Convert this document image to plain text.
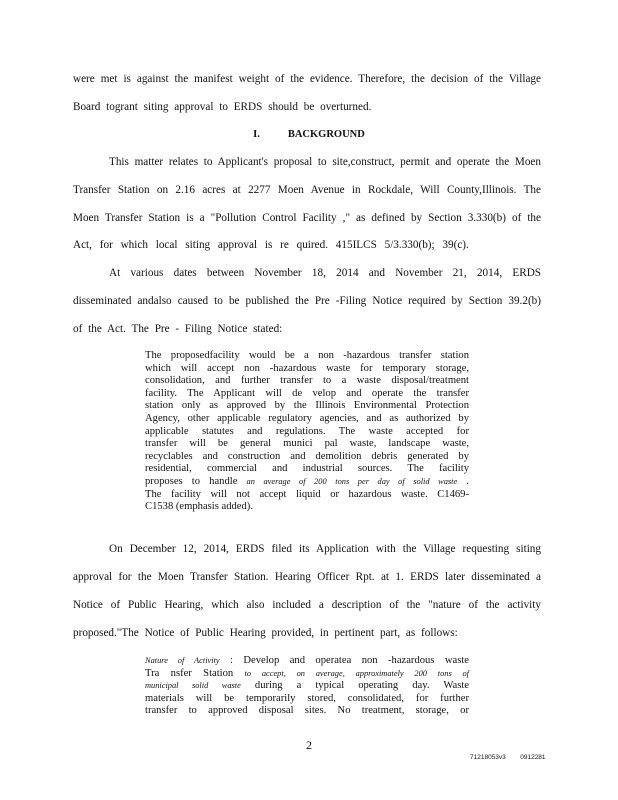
were met is against the manifest weight of the evidence. Therefore, the decision of the Village
Board togrant siting approval to ERDS should be overturned.
I.	BACKGROUND
This matter relates to Applicant's proposal to site,construct, permit and operate the Moen
Transfer Station on 2.16 acres at 2277 Moen Avenue in Rockdale, Will County,Illinois. The
Moen Transfer Station is a "Pollution Control Facility ," as defined by Section 3.330(b) of the
Act, for which local siting approval is re quired. 415ILCS 5/3.330(b); 39(c).
At various dates between November 18, 2014 and November 21, 2014, ERDS
disseminated andalso caused to be published the Pre -Filing Notice required by Section 39.2(b)
of the Act. The Pre - Filing Notice stated:
The proposedfacility would be a non -hazardous transfer station
which will accept non -hazardous waste for temporary storage,
consolidation, and further transfer to a waste disposal/treatment
facility. The Applicant will de velop and operate the transfer
station only as approved by the Illinois Environmental Protection
Agency, other applicable regulatory agencies, and as authorized by
applicable statutes and regulations. The waste accepted for
transfer will be general munici pal waste, landscape waste,
recyclables and construction and demolition debris generated by
residential, commercial and industrial sources. The facility
proposes to handle an average of 200 tons per day of solid waste .
The facility will not accept liquid or hazardous waste. C1469-
C1538 (emphasis added).
On December 12, 2014, ERDS filed its Application with the Village requesting siting
approval for the Moen Transfer Station. Hearing Officer Rpt. at 1. ERDS later disseminated a
Notice of Public Hearing, which also included a description of the "nature of the activity
proposed."The Notice of Public Hearing provided, in pertinent part, as follows:
Nature of Activity : Develop and operatea non -hazardous waste
Tra nsfer Station to accept, on average, approximately 200 tons of
municipal solid waste during a typical operating day. Waste
materials will be temporarily stored, consolidated, for further
transfer to approved disposal sites. No treatment, storage, or
2
71218053v3        0912281
